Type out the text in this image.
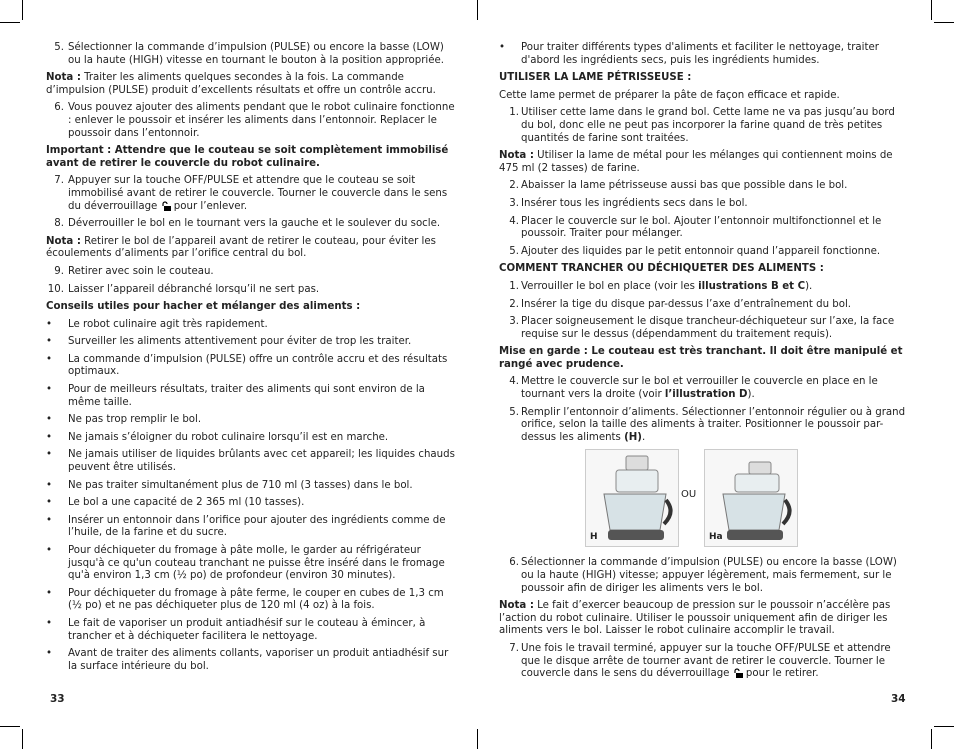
5. Sélectionner la commande d’impulsion (PULSE) ou encore la basse (LOW) ou la haute (HIGH) vitesse en tournant le bouton à la position appropriée.

Nota : Traiter les aliments quelques secondes à la fois. La commande d’impulsion (PULSE) produit d’excellents résultats et offre un contrôle accru.

6. Vous pouvez ajouter des aliments pendant que le robot culinaire fonctionne : enlever le poussoir et insérer les aliments dans l’entonnoir. Replacer le poussoir dans l’entonnoir.

Important : Attendre que le couteau se soit complètement immobilisé avant de retirer le couvercle du robot culinaire.

7. Appuyer sur la touche OFF/PULSE et attendre que le couteau se soit immobilisé avant de retirer le couvercle. Tourner le couvercle dans le sens du déverrouillage  pour l’enlever.
8. Déverrouiller le bol en le tournant vers la gauche et le soulever du socle.

Nota : Retirer le bol de l’appareil avant de retirer le couteau, pour éviter les écoulements d’aliments par l’orifice central du bol.

9. Retirer avec soin le couteau.
10. Laisser l’appareil débranché lorsqu’il ne sert pas.

Conseils utiles pour hacher et mélanger des aliments :

• Le robot culinaire agit très rapidement.
• Surveiller les aliments attentivement pour éviter de trop les traiter.
• La commande d’impulsion (PULSE) offre un contrôle accru et des résultats optimaux.
• Pour de meilleurs résultats, traiter des aliments qui sont environ de la même taille.
• Ne pas trop remplir le bol.
• Ne jamais s’éloigner du robot culinaire lorsqu’il est en marche.
• Ne jamais utiliser de liquides brûlants avec cet appareil; les liquides chauds peuvent être utilisés.
• Ne pas traiter simultanément plus de 710 ml (3 tasses) dans le bol.
• Le bol a une capacité de 2 365 ml (10 tasses).
• Insérer un entonnoir dans l’orifice pour ajouter des ingrédients comme de l’huile, de la farine et du sucre.
• Pour déchiqueter du fromage à pâte molle, le garder au réfrigérateur jusqu'à ce qu'un couteau tranchant ne puisse être inséré dans le fromage qu'à environ 1,3 cm (½ po) de profondeur (environ 30 minutes).
• Pour déchiqueter du fromage à pâte ferme, le couper en cubes de 1,3 cm (½ po) et ne pas déchiqueter plus de 120 ml (4 oz) à la fois.
• Le fait de vaporiser un produit antiadhésif sur le couteau à émincer, à trancher et à déchiqueter facilitera le nettoyage.
• Avant de traiter des aliments collants, vaporiser un produit antiadhésif sur la surface intérieure du bol.
33
• Pour traiter différents types d'aliments et faciliter le nettoyage, traiter d'abord les ingrédients secs, puis les ingrédients humides.

UTILISER LA LAME PÉTRISSEUSE :

Cette lame permet de préparer la pâte de façon efficace et rapide.

1. Utiliser cette lame dans le grand bol. Cette lame ne va pas jusqu’au bord du bol, donc elle ne peut pas incorporer la farine quand de très petites quantités de farine sont traitées.

Nota : Utiliser la lame de métal pour les mélanges qui contiennent moins de 475 ml (2 tasses) de farine.

2. Abaisser la lame pétrisseuse aussi bas que possible dans le bol.
3. Insérer tous les ingrédients secs dans le bol.
4. Placer le couvercle sur le bol. Ajouter l’entonnoir multifonctionnel et le poussoir. Traiter pour mélanger.
5. Ajouter des liquides par le petit entonnoir quand l’appareil fonctionne.

COMMENT TRANCHER OU DÉCHIQUETER DES ALIMENTS :

1. Verrouiller le bol en place (voir les illustrations B et C).
2. Insérer la tige du disque par-dessus l’axe d’entraînement du bol.
3. Placer soigneusement le disque trancheur-déchiqueteur sur l’axe, la face requise sur le dessus (dépendamment du traitement requis).

Mise en garde : Le couteau est très tranchant. Il doit être manipulé et rangé avec prudence.

4. Mettre le couvercle sur le bol et verrouiller le couvercle en place en le tournant vers la droite (voir l’illustration D).
5. Remplir l’entonnoir d’aliments. Sélectionner l’entonnoir régulier ou à grand orifice, selon la taille des aliments à traiter. Positionner le poussoir par-dessus les aliments (H).
H
OU
Ha
6. Sélectionner la commande d’impulsion (PULSE) ou encore la basse (LOW) ou la haute (HIGH) vitesse; appuyer légèrement, mais fermement, sur le poussoir afin de diriger les aliments vers le bol.

Nota : Le fait d’exercer beaucoup de pression sur le poussoir n’accélère pas l’action du robot culinaire. Utiliser le poussoir uniquement afin de diriger les aliments vers le bol. Laisser le robot culinaire accomplir le travail.

7. Une fois le travail terminé, appuyer sur la touche OFF/PULSE et attendre que le disque arrête de tourner avant de retirer le couvercle. Tourner le couvercle dans le sens du déverrouillage  pour le retirer.
34
